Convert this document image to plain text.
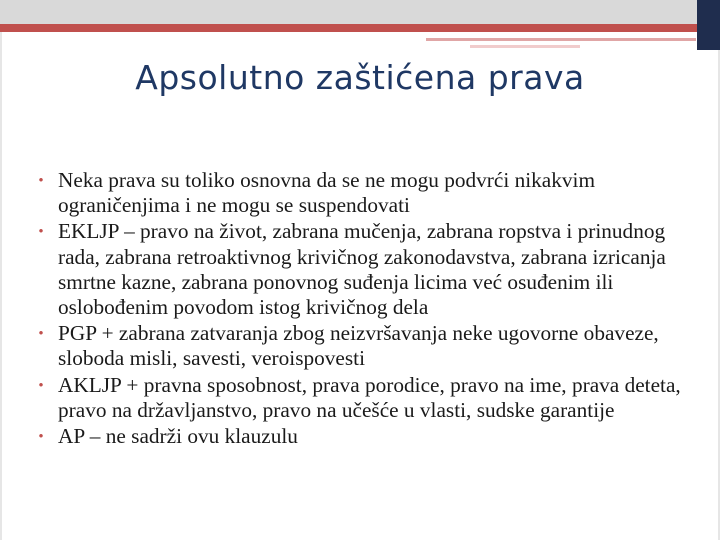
Apsolutno zaštićena prava
• Neka prava su toliko osnovna da se ne mogu podvrći nikakvim ograničenjima i ne mogu se suspendovati
• EKLJP – pravo na život, zabrana mučenja, zabrana ropstva i prinudnog rada, zabrana retroaktivnog krivičnog zakonodavstva, zabrana izricanja smrtne kazne, zabrana ponovnog suđenja licima već osuđenim ili oslobođenim povodom istog krivičnog dela
• PGP + zabrana zatvaranja zbog neizvršavanja neke ugovorne obaveze, sloboda misli, savesti, veroispovesti
• AKLJP + pravna sposobnost, prava porodice, pravo na ime, prava deteta, pravo na državljanstvo, pravo na učešće u vlasti, sudske garantije
• AP – ne sadrži ovu klauzulu
